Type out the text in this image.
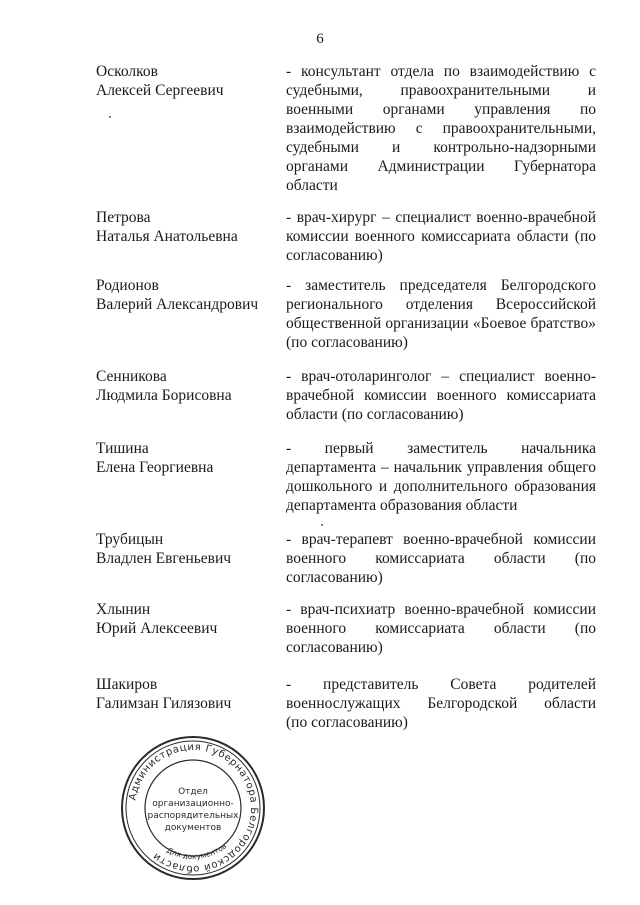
6
Осколков
Алексей Сергеевич
- консультант отдела по взаимодействию с
судебными, правоохранительными и
военными органами управления по
взаимодействию с правоохранительными,
судебными и контрольно-надзорными
органами Администрации Губернатора
области
Петрова
Наталья Анатольевна
- врач-хирург – специалист военно-врачебной
комиссии военного комиссариата области (по
согласованию)
Родионов
Валерий Александрович
- заместитель председателя Белгородского
регионального отделения Всероссийской
общественной организации «Боевое братство»
(по согласованию)
Сенникова
Людмила Борисовна
- врач-отоларинголог – специалист военно-
врачебной комиссии военного комиссариата
области (по согласованию)
Тишина
Елена Георгиевна
- первый заместитель начальника
департамента – начальник управления общего
дошкольного и дополнительного образования
департамента образования области
Трубицын
Владлен Евгеньевич
- врач-терапевт военно-врачебной комиссии
военного комиссариата области (по
согласованию)
Хлынин
Юрий Алексеевич
- врач-психиатр военно-врачебной комиссии
военного комиссариата области (по
согласованию)
Шакиров
Галимзан Гилязович
- представитель Совета родителей
военнослужащих Белгородской области
(по согласованию)
Администрация Губернатора Белгородской области
Отдел
организационно-
распорядительных
документов
Для документов
